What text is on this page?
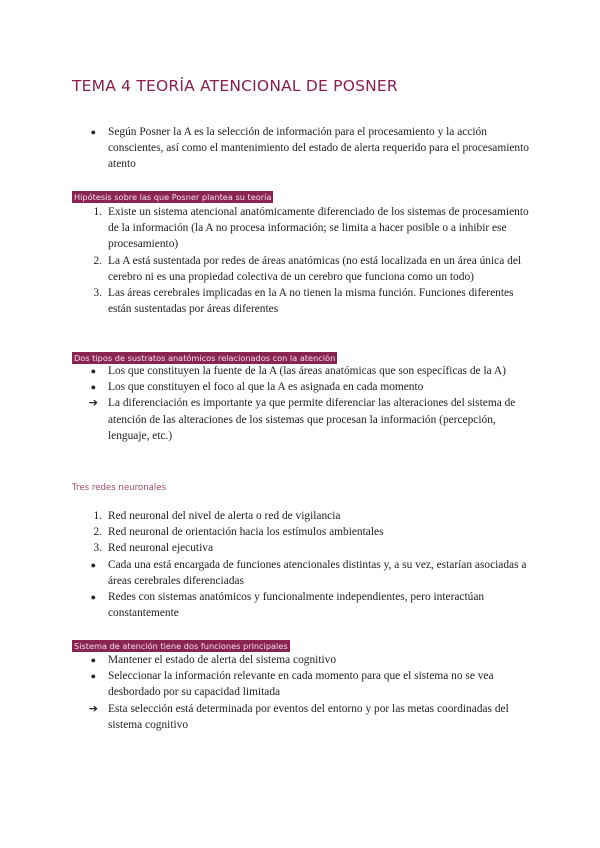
TEMA 4 TEORÍA ATENCIONAL DE POSNER
● Según Posner la A es la selección de información para el procesamiento y la acción conscientes, así como el mantenimiento del estado de alerta requerido para el procesamiento atento
Hipótesis sobre las que Posner plantea su teoría
1. Existe un sistema atencional anatómicamente diferenciado de los sistemas de procesamiento de la información (la A no procesa información; se limita a hacer posible o a inhibir ese procesamiento)
2. La A está sustentada por redes de áreas anatómicas (no está localizada en un área única del cerebro ni es una propiedad colectiva de un cerebro que funciona como un todo)
3. Las áreas cerebrales implicadas en la A no tienen la misma función. Funciones diferentes están sustentadas por áreas diferentes
Dos tipos de sustratos anatómicos relacionados con la atención
● Los que constituyen la fuente de la A (las áreas anatómicas que son específicas de la A)
● Los que constituyen el foco al que la A es asignada en cada momento
➔ La diferenciación es importante ya que permite diferenciar las alteraciones del sistema de atención de las alteraciones de los sistemas que procesan la información (percepción, lenguaje, etc.)
Tres redes neuronales
1. Red neuronal del nivel de alerta o red de vigilancia
2. Red neuronal de orientación hacia los estímulos ambientales
3. Red neuronal ejecutiva
● Cada una está encargada de funciones atencionales distintas y, a su vez, estarían asociadas a áreas cerebrales diferenciadas
● Redes con sistemas anatómicos y funcionalmente independientes, pero interactúan constantemente
Sistema de atención tiene dos funciones principales
● Mantener el estado de alerta del sistema cognitivo
● Seleccionar la información relevante en cada momento para que el sistema no se vea desbordado por su capacidad limitada
➔ Esta selección está determinada por eventos del entorno y por las metas coordinadas del sistema cognitivo
